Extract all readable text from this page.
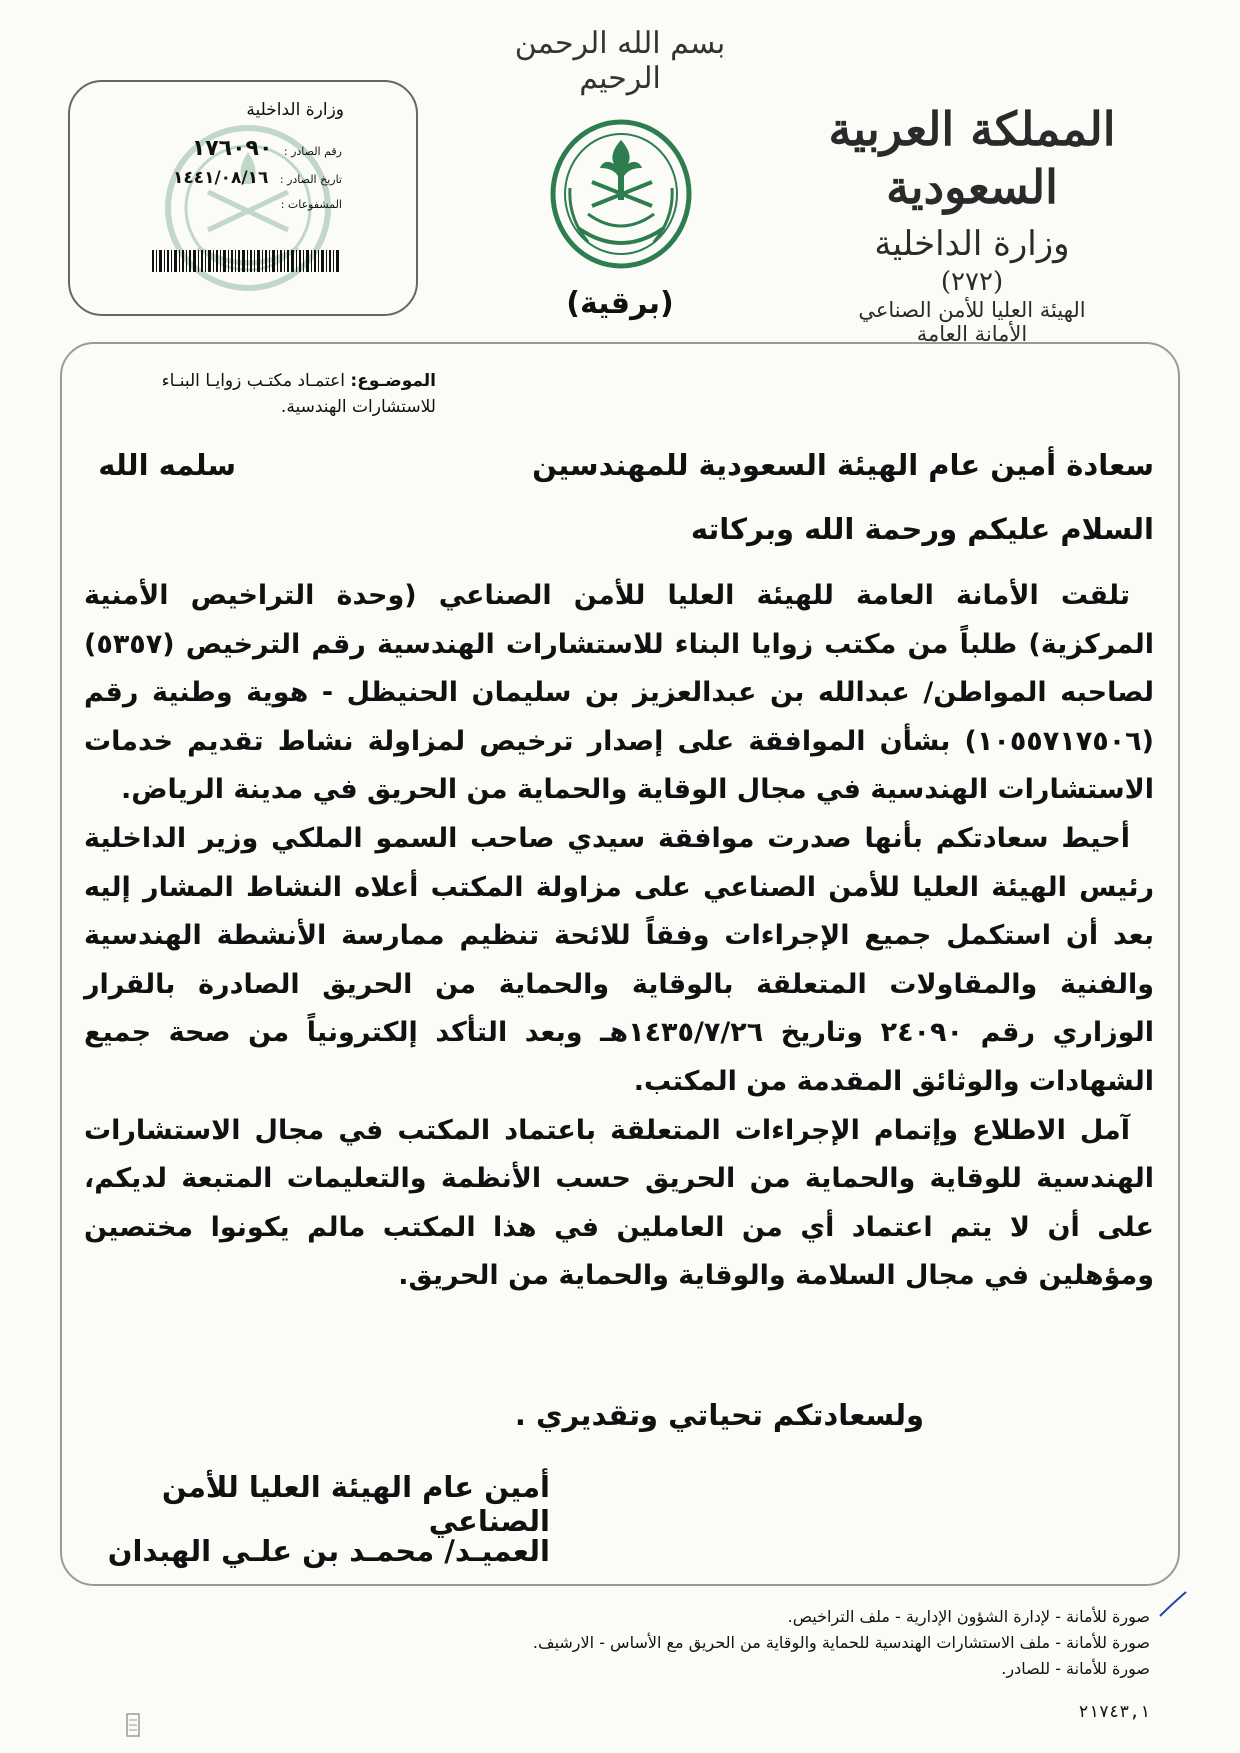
بسم الله الرحمن الرحيم
المملكة العربية السعودية
وزارة الداخلية
(٢٧٢)
الهيئة العليا للأمن الصناعي
الأمانة العامة
(برقية)
وزارة الداخلية
رقم الصادر : ١٧٦٠٩٠
تاريخ الصادر : ١٤٤١/٠٨/١٦
المشفوعات :
الموضـوع: اعتمـاد مكتـب زوايـا البنـاء
للاستشارات الهندسية.
سعادة أمين عام الهيئة السعودية للمهندسين
سلمه الله
السلام عليكم ورحمة الله وبركاته

تلقت الأمانة العامة للهيئة العليا للأمن الصناعي (وحدة التراخيص الأمنية المركزية) طلباً من مكتب زوايا البناء للاستشارات الهندسية رقم الترخيص (٥٣٥٧) لصاحبه المواطن/ عبدالله بن عبدالعزيز بن سليمان الحنيظل - هوية وطنية رقم (١٠٥٥٧١٧٥٠٦) بشأن الموافقة على إصدار ترخيص لمزاولة نشاط تقديم خدمات الاستشارات الهندسية في مجال الوقاية والحماية من الحريق في مدينة الرياض.

أحيط سعادتكم بأنها صدرت موافقة سيدي صاحب السمو الملكي وزير الداخلية رئيس الهيئة العليا للأمن الصناعي على مزاولة المكتب أعلاه النشاط المشار إليه بعد أن استكمل جميع الإجراءات وفقاً للائحة تنظيم ممارسة الأنشطة الهندسية والفنية والمقاولات المتعلقة بالوقاية والحماية من الحريق الصادرة بالقرار الوزاري رقم ٢٤٠٩٠ وتاريخ ١٤٣٥/٧/٢٦هـ وبعد التأكد إلكترونياً من صحة جميع الشهادات والوثائق المقدمة من المكتب.

آمل الاطلاع وإتمام الإجراءات المتعلقة باعتماد المكتب في مجال الاستشارات الهندسية للوقاية والحماية من الحريق حسب الأنظمة والتعليمات المتبعة لديكم، على أن لا يتم اعتماد أي من العاملين في هذا المكتب مالم يكونوا مختصين ومؤهلين في مجال السلامة والوقاية والحماية من الحريق.

ولسعادتكم تحياتي وتقديري .
أمين عام الهيئة العليا للأمن الصناعي
العميـد/ محمـد بن علـي الهبدان
صورة للأمانة - لإدارة الشؤون الإدارية - ملف التراخيص.
صورة للأمانة - ملف الاستشارات الهندسية للحماية والوقاية من الحريق مع الأساس - الارشيف.
صورة للأمانة - للصادر.
٢١٧٤٣,١
